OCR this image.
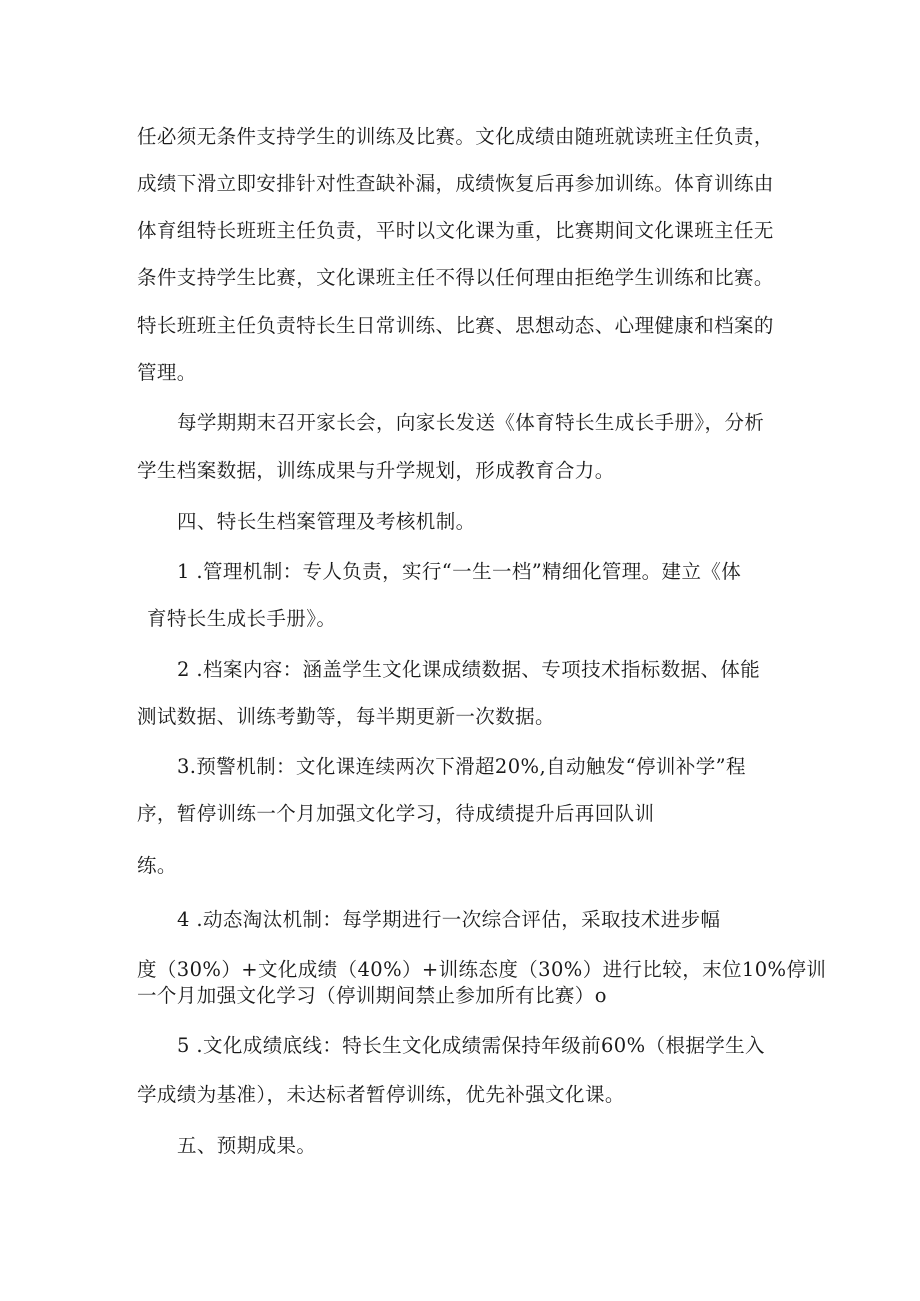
任必须无条件支持学生的训练及比赛。文化成绩由随班就读班主任负责，
成绩下滑立即安排针对性查缺补漏，成绩恢复后再参加训练。体育训练由
体育组特长班班主任负责，平时以文化课为重，比赛期间文化课班主任无
条件支持学生比赛，文化课班主任不得以任何理由拒绝学生训练和比赛。
特长班班主任负责特长生日常训练、比赛、思想动态、心理健康和档案的
管理。
每学期期末召开家长会，向家长发送《体育特长生成长手册》，分析
学生档案数据，训练成果与升学规划，形成教育合力。
四、特长生档案管理及考核机制。
1 .管理机制：专人负责，实行“一生一档”精细化管理。建立《体
育特长生成长手册》。
2 .档案内容：涵盖学生文化课成绩数据、专项技术指标数据、体能
测试数据、训练考勤等，每半期更新一次数据。
3.预警机制：文化课连续两次下滑超20%,自动触发“停训补学”程
序，暂停训练一个月加强文化学习，待成绩提升后再回队训
练。
4 .动态淘汰机制：每学期进行一次综合评估，采取技术进步幅
度（30%）+文化成绩（40%）+训练态度（30%）进行比较，末位10%停训
一个月加强文化学习（停训期间禁止参加所有比赛）o
5 .文化成绩底线：特长生文化成绩需保持年级前60%（根据学生入
学成绩为基准），未达标者暂停训练，优先补强文化课。
五、预期成果。
